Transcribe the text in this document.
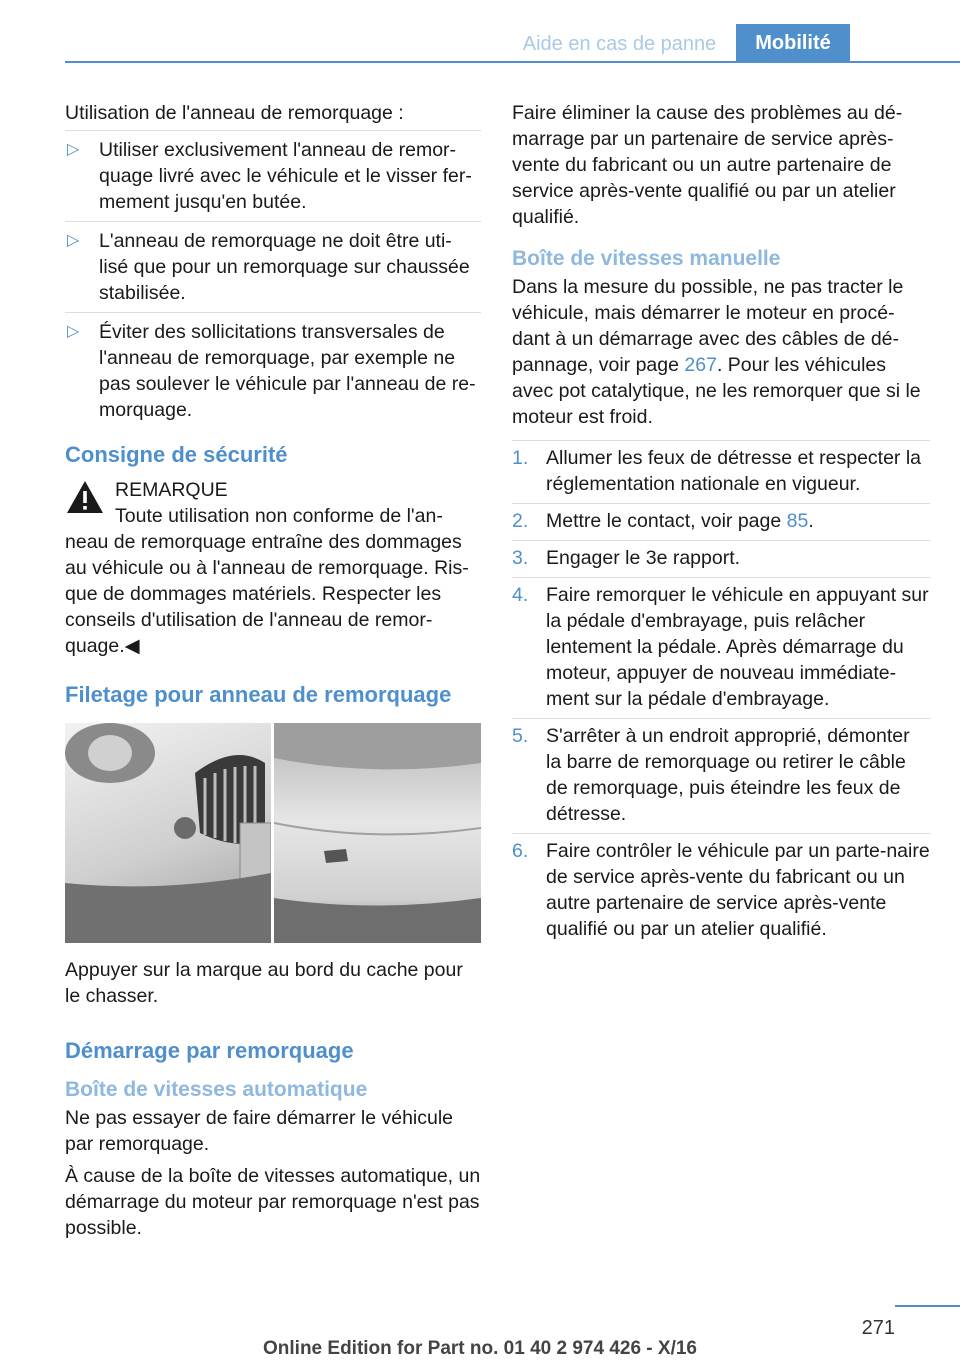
Aide en cas de panne	Mobilité

Utilisation de l'anneau de remorquage :

▷ Utiliser exclusivement l'anneau de remor-quage livré avec le véhicule et le visser fer-mement jusqu'en butée.
▷ L'anneau de remorquage ne doit être uti-lisé que pour un remorquage sur chaussée stabilisée.
▷ Éviter des sollicitations transversales de l'anneau de remorquage, par exemple ne pas soulever le véhicule par l'anneau de re-morquage.
Consigne de sécurité

REMARQUE

Toute utilisation non conforme de l'an-

neau de remorquage entraîne des dommages au véhicule ou à l'anneau de remorquage. Ris-que de dommages matériels. Respecter les conseils d'utilisation de l'anneau de remor-quage.◀

Filetage pour anneau de remorquage

Appuyer sur la marque au bord du cache pour le chasser.

Démarrage par remorquage
Boîte de vitesses automatique

Ne pas essayer de faire démarrer le véhicule par remorquage.

À cause de la boîte de vitesses automatique, un démarrage du moteur par remorquage n'est pas possible.

Faire éliminer la cause des problèmes au dé-marrage par un partenaire de service après-vente du fabricant ou un autre partenaire de service après-vente qualifié ou par un atelier qualifié.

Boîte de vitesses manuelle

Dans la mesure du possible, ne pas tracter le véhicule, mais démarrer le moteur en procé-dant à un démarrage avec des câbles de dé-pannage, voir page 267. Pour les véhicules avec pot catalytique, ne les remorquer que si le moteur est froid.

1. Allumer les feux de détresse et respecter la réglementation nationale en vigueur.
2. Mettre le contact, voir page 85.
3. Engager le 3e rapport.
4. Faire remorquer le véhicule en appuyant sur la pédale d'embrayage, puis relâcher lentement la pédale. Après démarrage du moteur, appuyer de nouveau immédiate-ment sur la pédale d'embrayage.
5. S'arrêter à un endroit approprié, démonter la barre de remorquage ou retirer le câble de remorquage, puis éteindre les feux de détresse.
6. Faire contrôler le véhicule par un parte-naire de service après-vente du fabricant ou un autre partenaire de service après-vente qualifié ou par un atelier qualifié.
271
Online Edition for Part no. 01 40 2 974 426 - X/16
